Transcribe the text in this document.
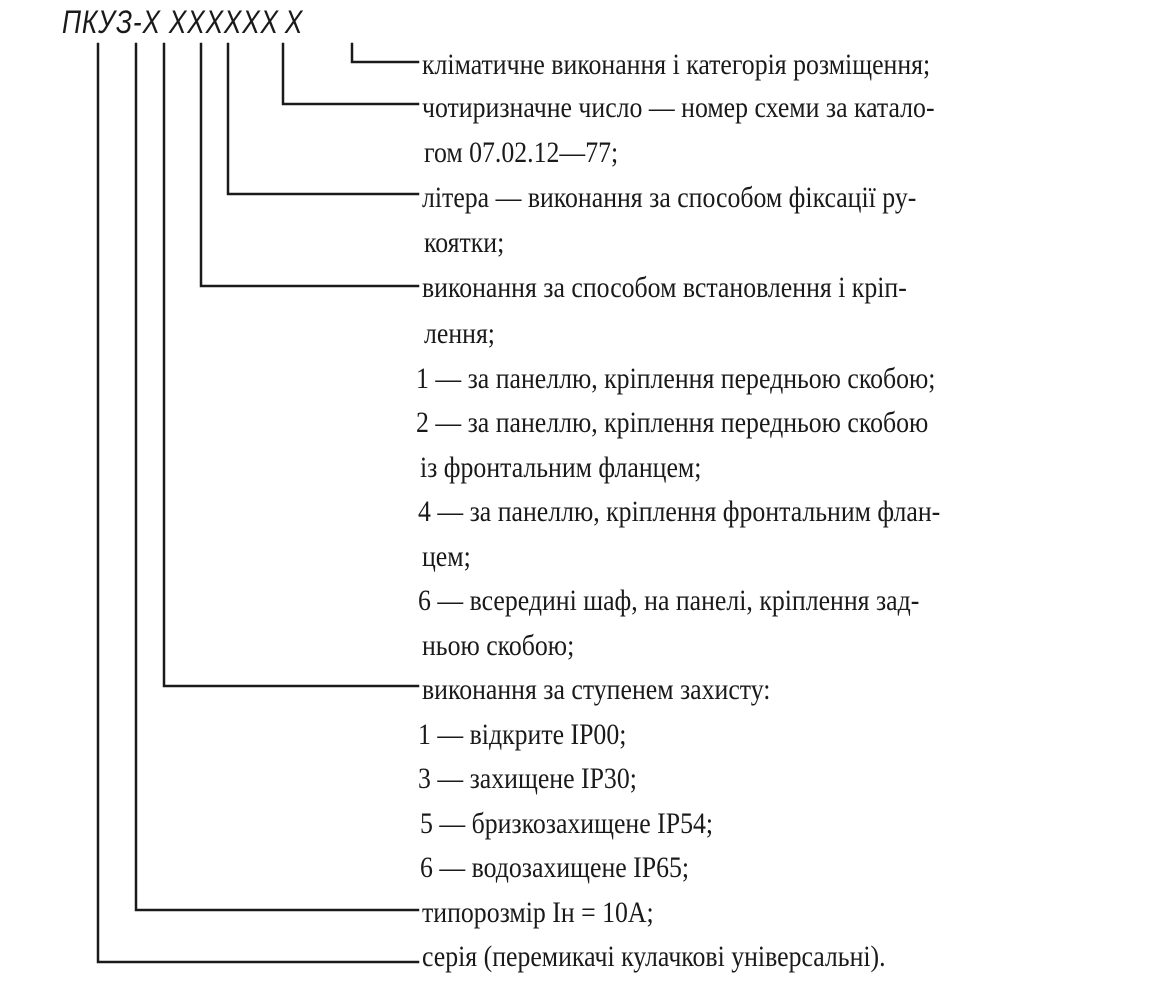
ПКУЗ-Х ХХХХХХ  Х
кліматичне виконання і категорія розміщення;
чотиризначне число — номер схеми за катало-
гом 07.02.12—77;
літера — виконання за способом фіксації ру-
коятки;
виконання за способом встановлення і кріп-
лення;
1 — за панеллю, кріплення передньою скобою;
2 — за панеллю, кріплення передньою скобою
із фронтальним фланцем;
4 — за панеллю, кріплення фронтальним флан-
цем;
6 — всередині шаф, на панелі, кріплення зад-
ньою скобою;
виконання за ступенем захисту:
1 — відкрите IP00;
3 — захищене IP30;
5 — бризкозахищене IP54;
6 — водозахищене IP65;
типорозмір Iн = 10А;
серія (перемикачі кулачкові універсальні).
